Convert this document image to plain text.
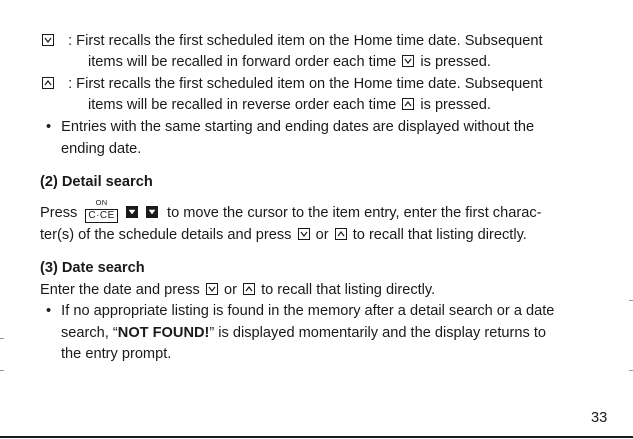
: First recalls the first scheduled item on the Home time date. Subsequent
items will be recalled in forward order each time is pressed.
: First recalls the first scheduled item on the Home time date. Subsequent
items will be recalled in reverse order each time is pressed.
• Entries with the same starting and ending dates are displayed without the
ending date.
(2) Detail search
Press
ON
C·CE
	to move the cursor to the item entry, enter the first charac-
ter(s) of the schedule details and press or to recall that listing directly.
(3) Date search
Enter the date and press or to recall that listing directly.
• If no appropriate listing is found in the memory after a detail search or a date
search, “NOT FOUND!” is displayed momentarily and the display returns to
the entry prompt.
33
